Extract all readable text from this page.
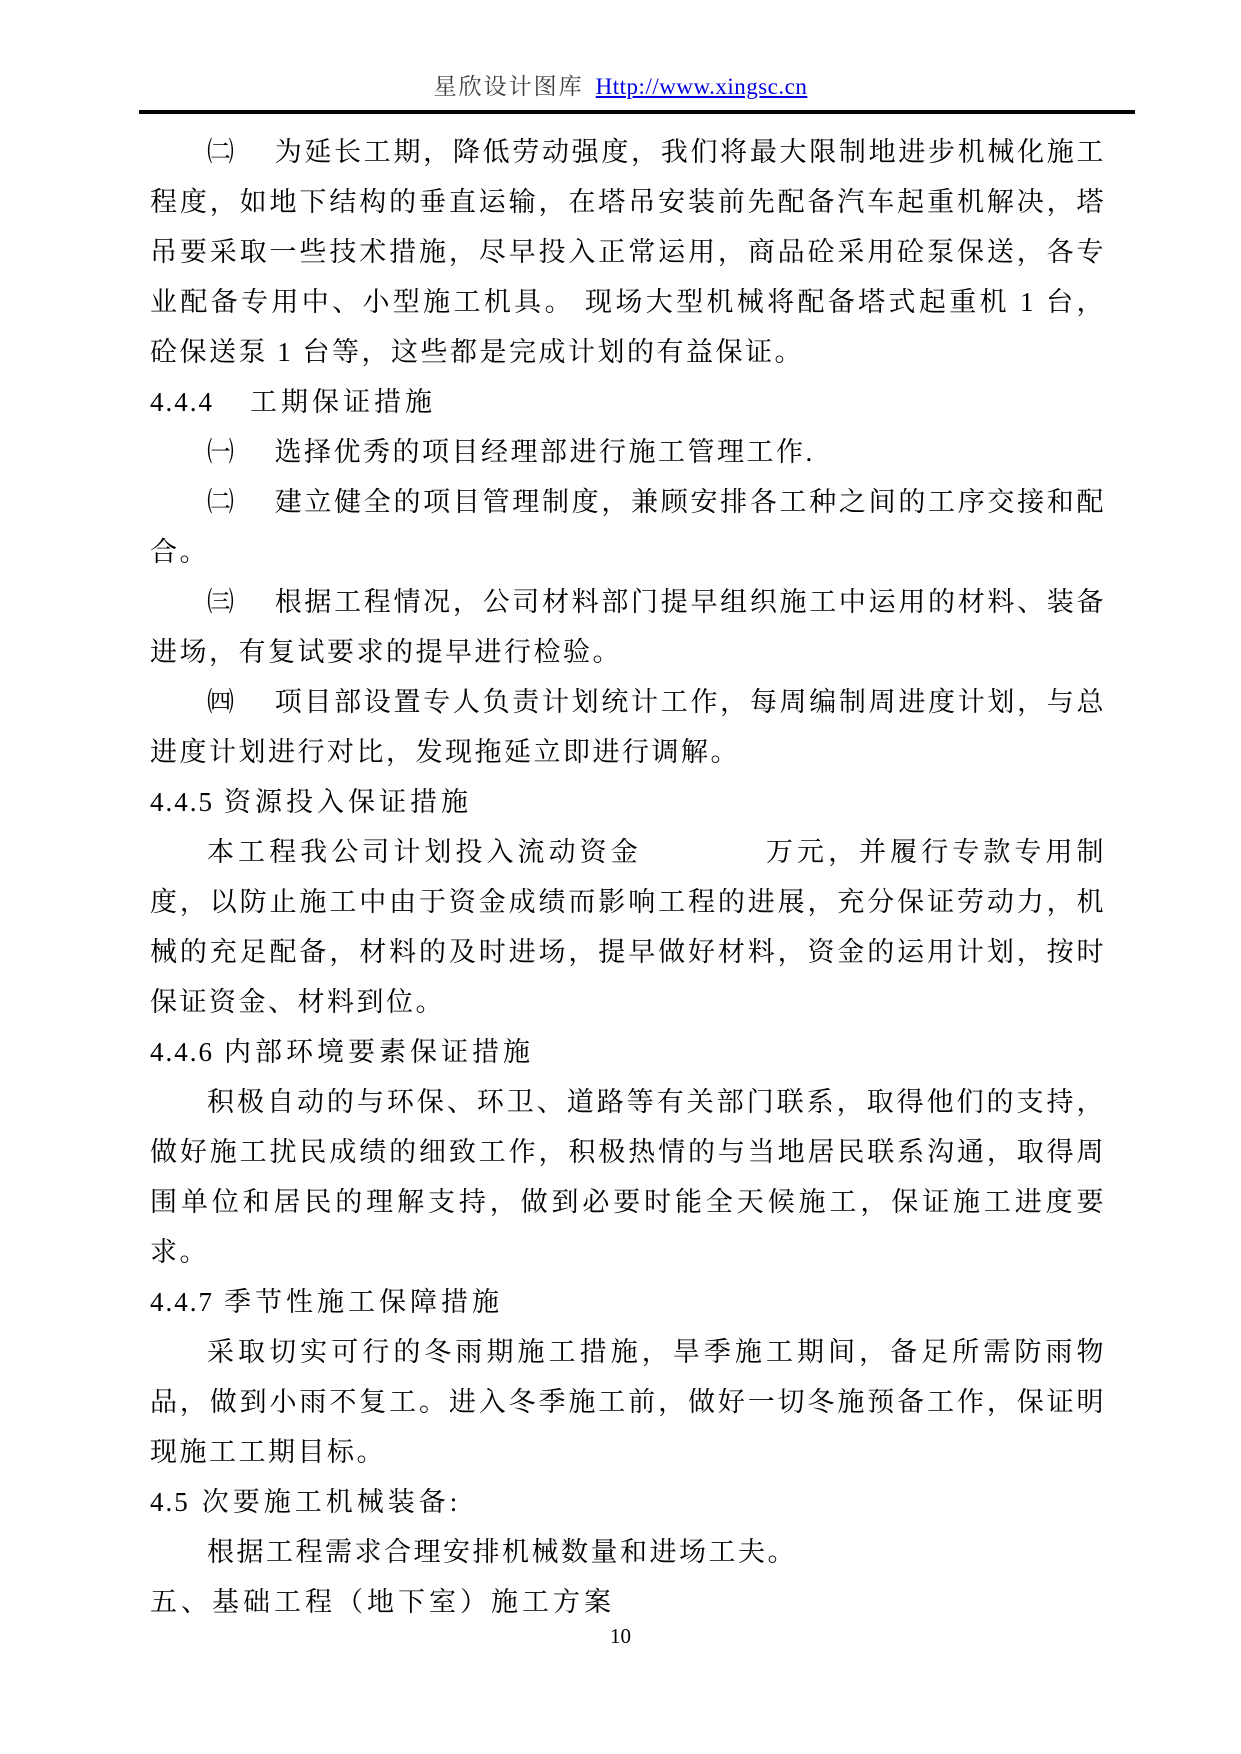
星欣设计图库 Http://www.xingsc.cn

㈡ 为延长工期，降低劳动强度，我们将最大限制地进步机械化施工程度，如地下结构的垂直运输，在塔吊安装前先配备汽车起重机解决，塔吊要采取一些技术措施，尽早投入正常运用，商品砼采用砼泵保送，各专业配备专用中、小型施工机具。 现场大型机械将配备塔式起重机 1 台，砼保送泵 1 台等，这些都是完成计划的有益保证。

4.4.4 工期保证措施

㈠ 选择优秀的项目经理部进行施工管理工作.

㈡ 建立健全的项目管理制度，兼顾安排各工种之间的工序交接和配合。

㈢ 根据工程情况，公司材料部门提早组织施工中运用的材料、装备进场，有复试要求的提早进行检验。

㈣ 项目部设置专人负责计划统计工作，每周编制周进度计划，与总进度计划进行对比，发现拖延立即进行调解。

4.4.5 资源投入保证措施

本工程我公司计划投入流动资金　　　　万元，并履行专款专用制度，以防止施工中由于资金成绩而影响工程的进展，充分保证劳动力，机械的充足配备，材料的及时进场，提早做好材料，资金的运用计划，按时保证资金、材料到位。

4.4.6 内部环境要素保证措施

积极自动的与环保、环卫、道路等有关部门联系，取得他们的支持，做好施工扰民成绩的细致工作，积极热情的与当地居民联系沟通，取得周围单位和居民的理解支持，做到必要时能全天候施工，保证施工进度要求。

4.4.7 季节性施工保障措施

采取切实可行的冬雨期施工措施，旱季施工期间，备足所需防雨物品，做到小雨不复工。进入冬季施工前，做好一切冬施预备工作，保证明现施工工期目标。

4.5 次要施工机械装备:

根据工程需求合理安排机械数量和进场工夫。

五、基础工程（地下室）施工方案
10
